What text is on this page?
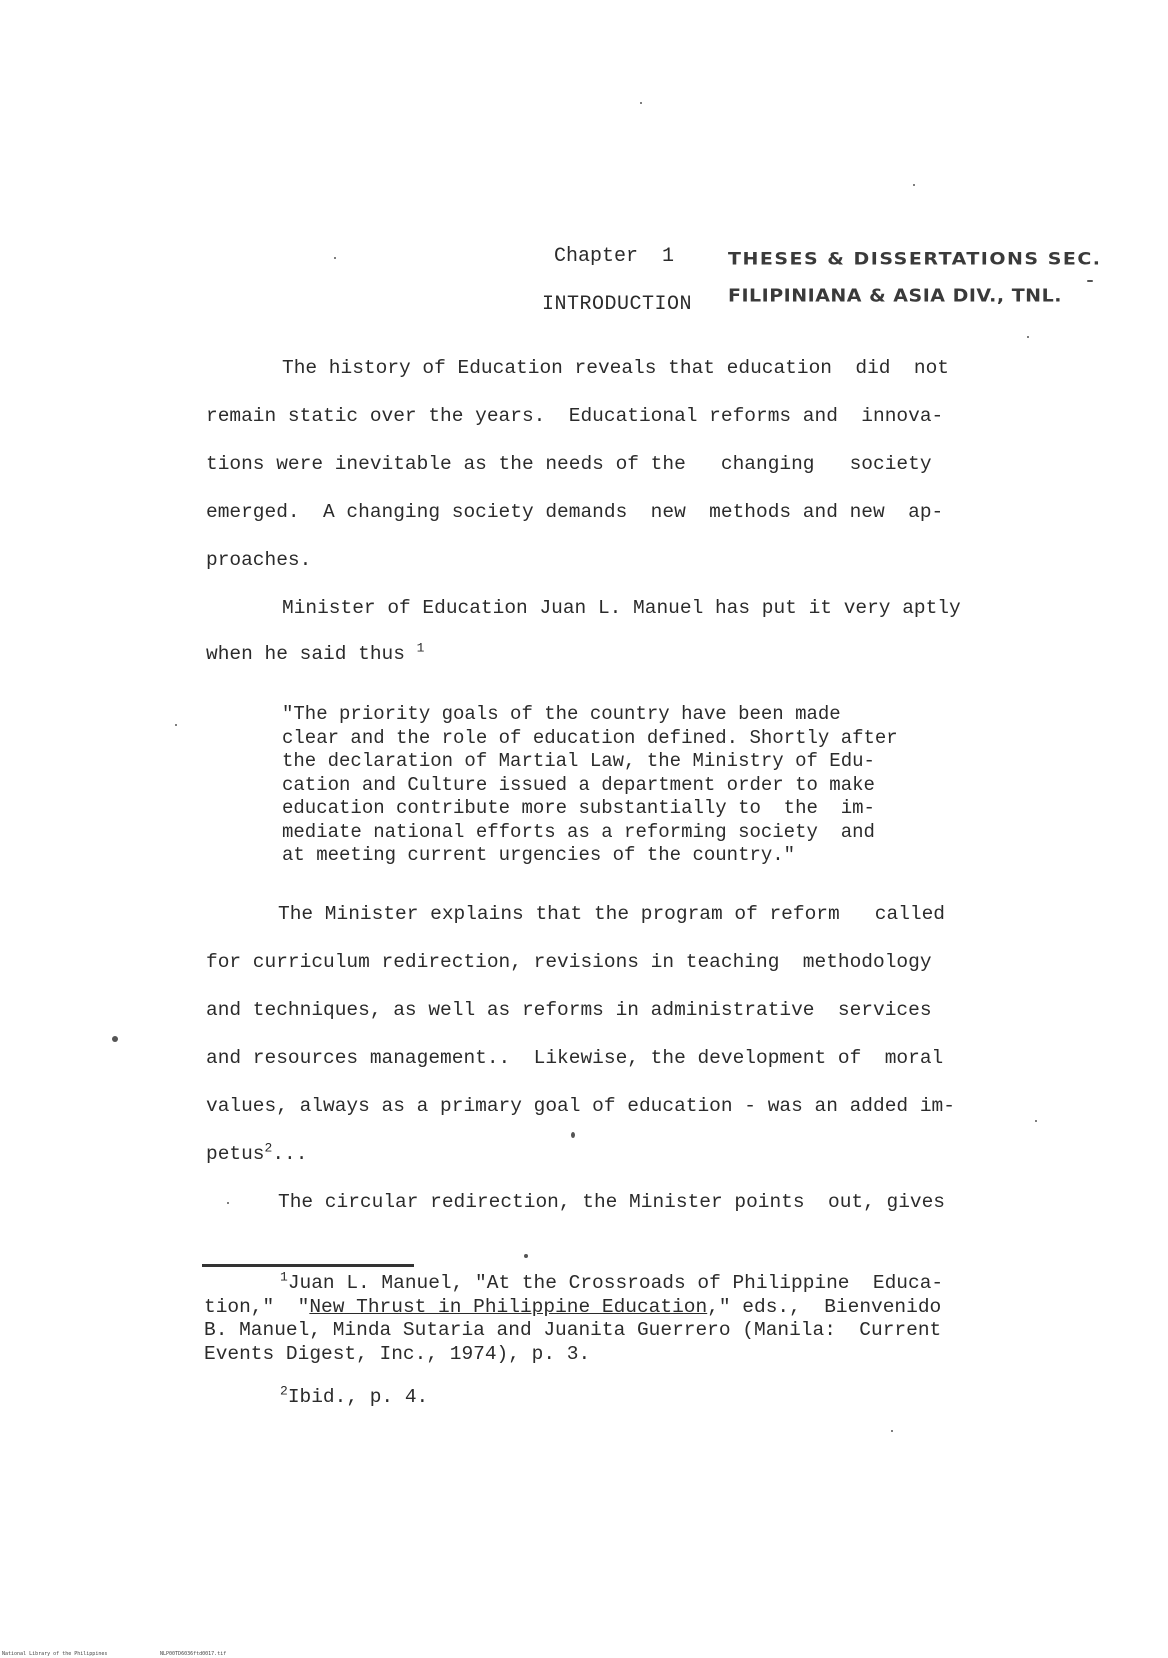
Chapter  1
INTRODUCTION
THESES & DISSERTATIONS SEC.
FILIPINIANA & ASIA DIV., TNL.
The history of Education reveals that education  did  not
remain static over the years.  Educational reforms and  innova-
tions were inevitable as the needs of the   changing   society
emerged.  A changing society demands  new  methods and new  ap-
proaches.
Minister of Education Juan L. Manuel has put it very aptly
when he said thus $^1$
"The priority goals of the country have been made
clear and the role of education defined. Shortly after
the declaration of Martial Law, the Ministry of Edu-
cation and Culture issued a department order to make
education contribute more substantially to  the  im-
mediate national efforts as a reforming society  and
at meeting current urgencies of the country."
The Minister explains that the program of reform   called
for curriculum redirection, revisions in teaching  methodology
and techniques, as well as reforms in administrative  services
and resources management..  Likewise, the development of  moral
values, always as a primary goal of education - was an added im-
petus$^2$...
The circular redirection, the Minister points  out, gives
$^1$Juan L. Manuel, "At the Crossroads of Philippine  Educa-
tion,"  "New Thrust in Philippine Education," eds.,  Bienvenido
B. Manuel, Minda Sutaria and Juanita Guerrero (Manila:  Current
Events Digest, Inc., 1974), p. 3.
$^2$Ibid., p. 4.
National Library of the Philippines	NLP00TD6036ftd0017.tif
